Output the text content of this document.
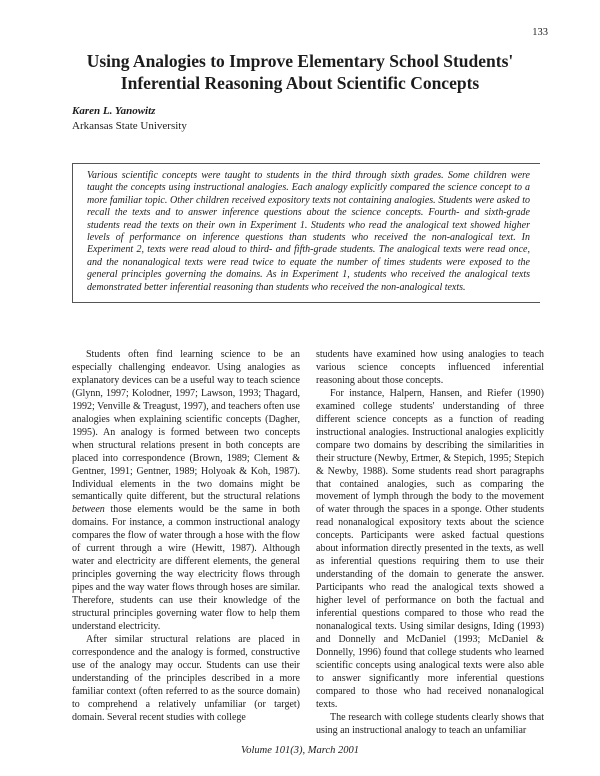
133
Using Analogies to Improve Elementary School Students' Inferential Reasoning About Scientific Concepts
Karen L. Yanowitz
Arkansas State University

Various scientific concepts were taught to students in the third through sixth grades. Some children were taught the concepts using instructional analogies. Each analogy explicitly compared the science concept to a more familiar topic. Other children received expository texts not containing analogies. Students were asked to recall the texts and to answer inference questions about the science concepts. Fourth- and sixth-grade students read the texts on their own in Experiment 1. Students who read the analogical text showed higher levels of performance on inference questions than students who received the non-analogical text. In Experiment 2, texts were read aloud to third- and fifth-grade students. The analogical texts were read once, and the nonanalogical texts were read twice to equate the number of times students were exposed to the general principles governing the domains. As in Experiment 1, students who received the analogical texts demonstrated better inferential reasoning than students who received the non-analogical texts.

Students often find learning science to be an especially challenging endeavor. Using analogies as explanatory devices can be a useful way to teach science (Glynn, 1997; Kolodner, 1997; Lawson, 1993; Thagard, 1992; Venville & Treagust, 1997), and teachers often use analogies when explaining scientific concepts (Dagher, 1995). An analogy is formed between two concepts when structural relations present in both concepts are placed into correspondence (Brown, 1989; Clement & Gentner, 1991; Gentner, 1989; Holyoak & Koh, 1987). Individual elements in the two domains might be semantically quite different, but the structural relations between those elements would be the same in both domains. For instance, a common instructional analogy compares the flow of water through a hose with the flow of current through a wire (Hewitt, 1987). Although water and electricity are different elements, the general principles governing the way electricity flows through pipes and the way water flows through hoses are similar. Therefore, students can use their knowledge of the structural principles governing water flow to help them understand electricity.

After similar structural relations are placed in correspondence and the analogy is formed, constructive use of the analogy may occur. Students can use their understanding of the principles described in a more familiar context (often referred to as the source domain) to comprehend a relatively unfamiliar (or target) domain. Several recent studies with college

students have examined how using analogies to teach various science concepts influenced inferential reasoning about those concepts.

For instance, Halpern, Hansen, and Riefer (1990) examined college students' understanding of three different science concepts as a function of reading instructional analogies. Instructional analogies explicitly compare two domains by describing the similarities in their structure (Newby, Ertmer, & Stepich, 1995; Stepich & Newby, 1988). Some students read short paragraphs that contained analogies, such as comparing the movement of lymph through the body to the movement of water through the spaces in a sponge. Other students read nonanalogical expository texts about the science concepts. Participants were asked factual questions about information directly presented in the texts, as well as inferential questions requiring them to use their understanding of the domain to generate the answer. Participants who read the analogical texts showed a higher level of performance on both the factual and inferential questions compared to those who read the nonanalogical texts. Using similar designs, Iding (1993) and Donnelly and McDaniel (1993; McDaniel & Donnelly, 1996) found that college students who learned scientific concepts using analogical texts were also able to answer significantly more inferential questions compared to those who had received nonanalogical texts.

The research with college students clearly shows that using an instructional analogy to teach an unfamiliar

Volume 101(3), March 2001
